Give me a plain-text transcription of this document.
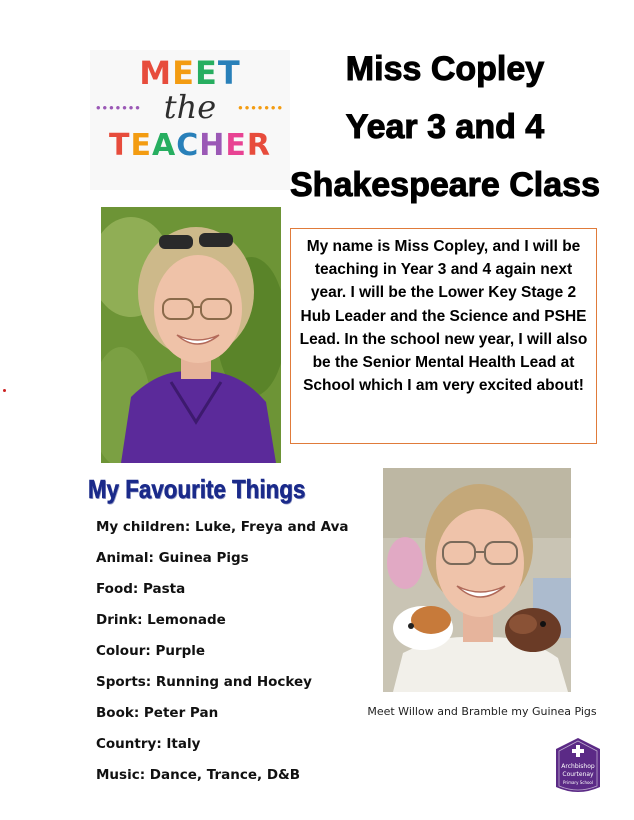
MEET
••••••• the	•••••••
TEACHER
Miss Copley
Year 3 and 4
Shakespeare Class
My name is Miss Copley, and I will be teaching in Year 3 and 4 again next year. I will be the Lower Key Stage 2 Hub Leader and the Science and PSHE Lead. In the school new year, I will also be the Senior Mental Health Lead at School which I am very excited about!
My Favourite Things
My children: Luke, Freya and Ava
Animal: Guinea Pigs
Food: Pasta
Drink: Lemonade
Colour: Purple
Sports: Running and Hockey
Book: Peter Pan
Country: Italy
Music: Dance, Trance, D&B
Meet Willow and Bramble my Guinea Pigs
Archbishop
Courtenay
Primary School
